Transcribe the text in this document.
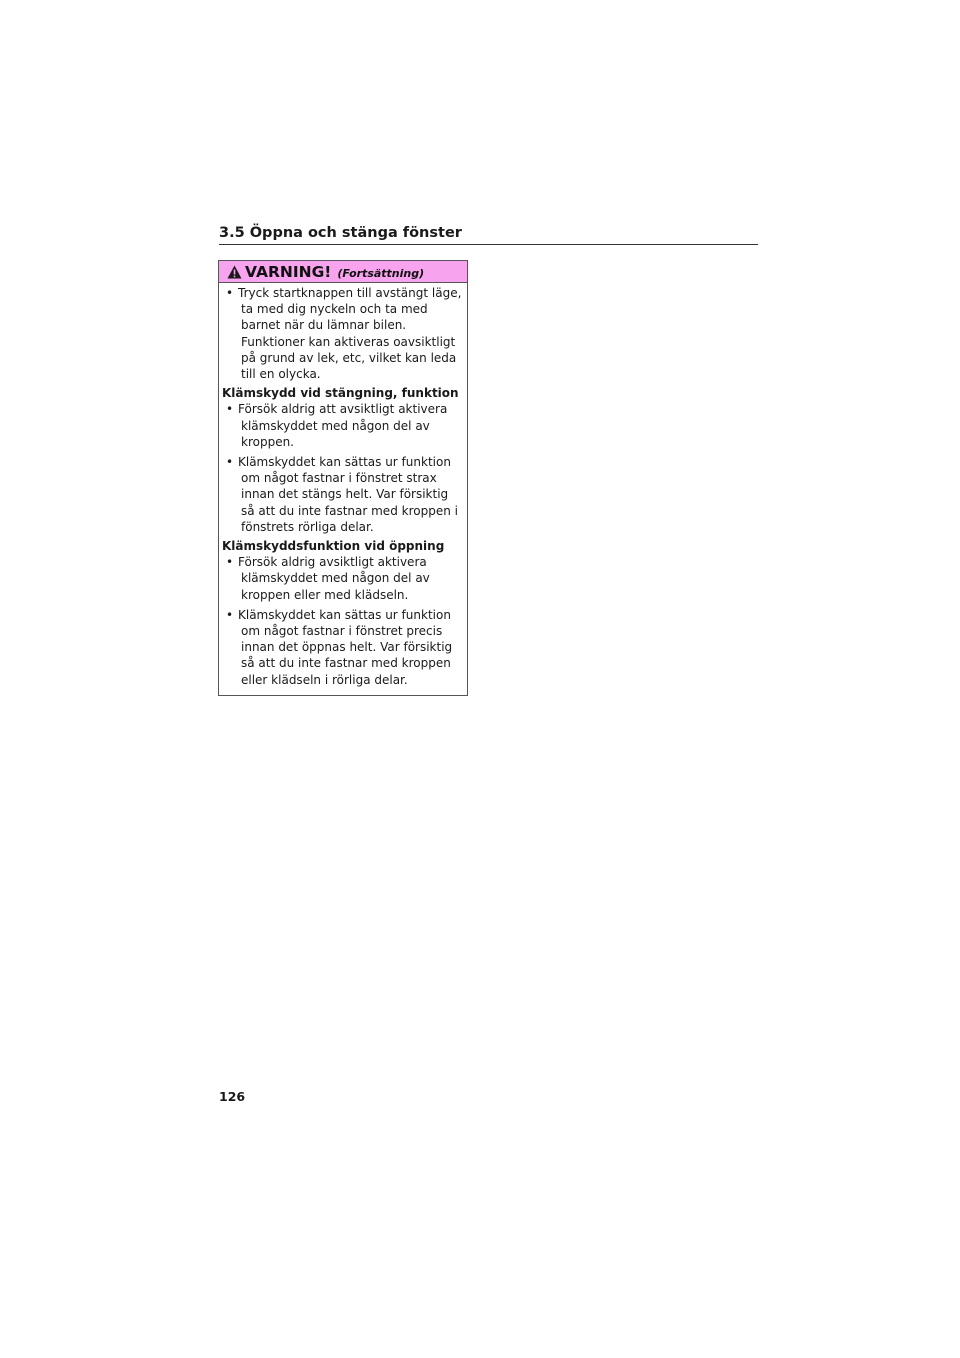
3.5 Öppna och stänga fönster
VARNING! (Fortsättning)
• Tryck startknappen till avstängt läge,
ta med dig nyckeln och ta med
barnet när du lämnar bilen.
Funktioner kan aktiveras oavsiktligt
på grund av lek, etc, vilket kan leda
till en olycka.
Klämskydd vid stängning, funktion
• Försök aldrig att avsiktligt aktivera
klämskyddet med någon del av
kroppen.
• Klämskyddet kan sättas ur funktion
om något fastnar i fönstret strax
innan det stängs helt. Var försiktig
så att du inte fastnar med kroppen i
fönstrets rörliga delar.
Klämskyddsfunktion vid öppning
• Försök aldrig avsiktligt aktivera
klämskyddet med någon del av
kroppen eller med klädseln.
• Klämskyddet kan sättas ur funktion
om något fastnar i fönstret precis
innan det öppnas helt. Var försiktig
så att du inte fastnar med kroppen
eller klädseln i rörliga delar.
126
